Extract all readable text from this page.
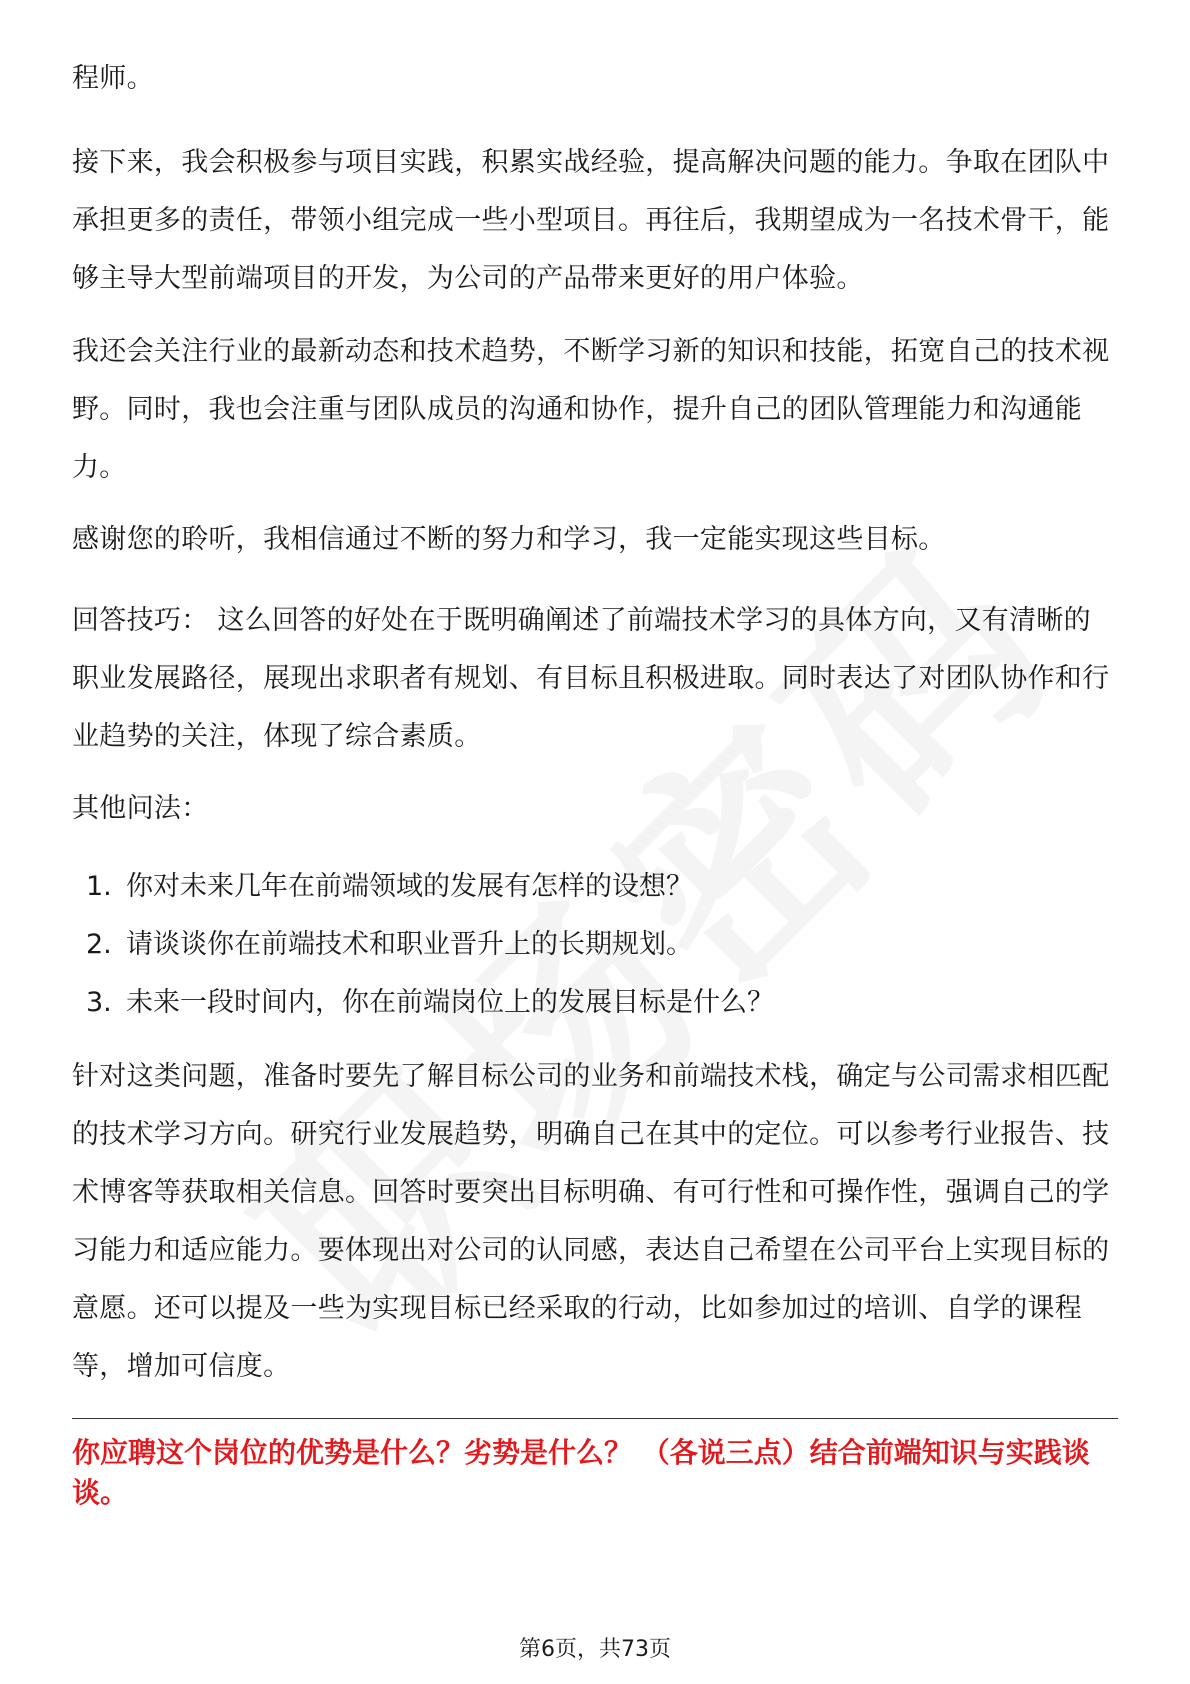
程师。

接下来，我会积极参与项目实践，积累实战经验，提高解决问题的能力。争取在团队中承担更多的责任，带领小组完成一些小型项目。再往后，我期望成为一名技术骨干，能够主导大型前端项目的开发，为公司的产品带来更好的用户体验。

我还会关注行业的最新动态和技术趋势，不断学习新的知识和技能，拓宽自己的技术视野。同时，我也会注重与团队成员的沟通和协作，提升自己的团队管理能力和沟通能力。

感谢您的聆听，我相信通过不断的努力和学习，我一定能实现这些目标。

回答技巧： 这么回答的好处在于既明确阐述了前端技术学习的具体方向，又有清晰的职业发展路径，展现出求职者有规划、有目标且积极进取。同时表达了对团队协作和行业趋势的关注，体现了综合素质。

其他问法：

1. 你对未来几年在前端领域的发展有怎样的设想？
2. 请谈谈你在前端技术和职业晋升上的长期规划。
3. 未来一段时间内，你在前端岗位上的发展目标是什么？

针对这类问题，准备时要先了解目标公司的业务和前端技术栈，确定与公司需求相匹配的技术学习方向。研究行业发展趋势，明确自己在其中的定位。可以参考行业报告、技术博客等获取相关信息。回答时要突出目标明确、有可行性和可操作性，强调自己的学习能力和适应能力。要体现出对公司的认同感，表达自己希望在公司平台上实现目标的意愿。还可以提及一些为实现目标已经采取的行动，比如参加过的培训、自学的课程等，增加可信度。

你应聘这个岗位的优势是什么？劣势是什么？ （各说三点）结合前端知识与实践谈谈。

第6页，共73页
